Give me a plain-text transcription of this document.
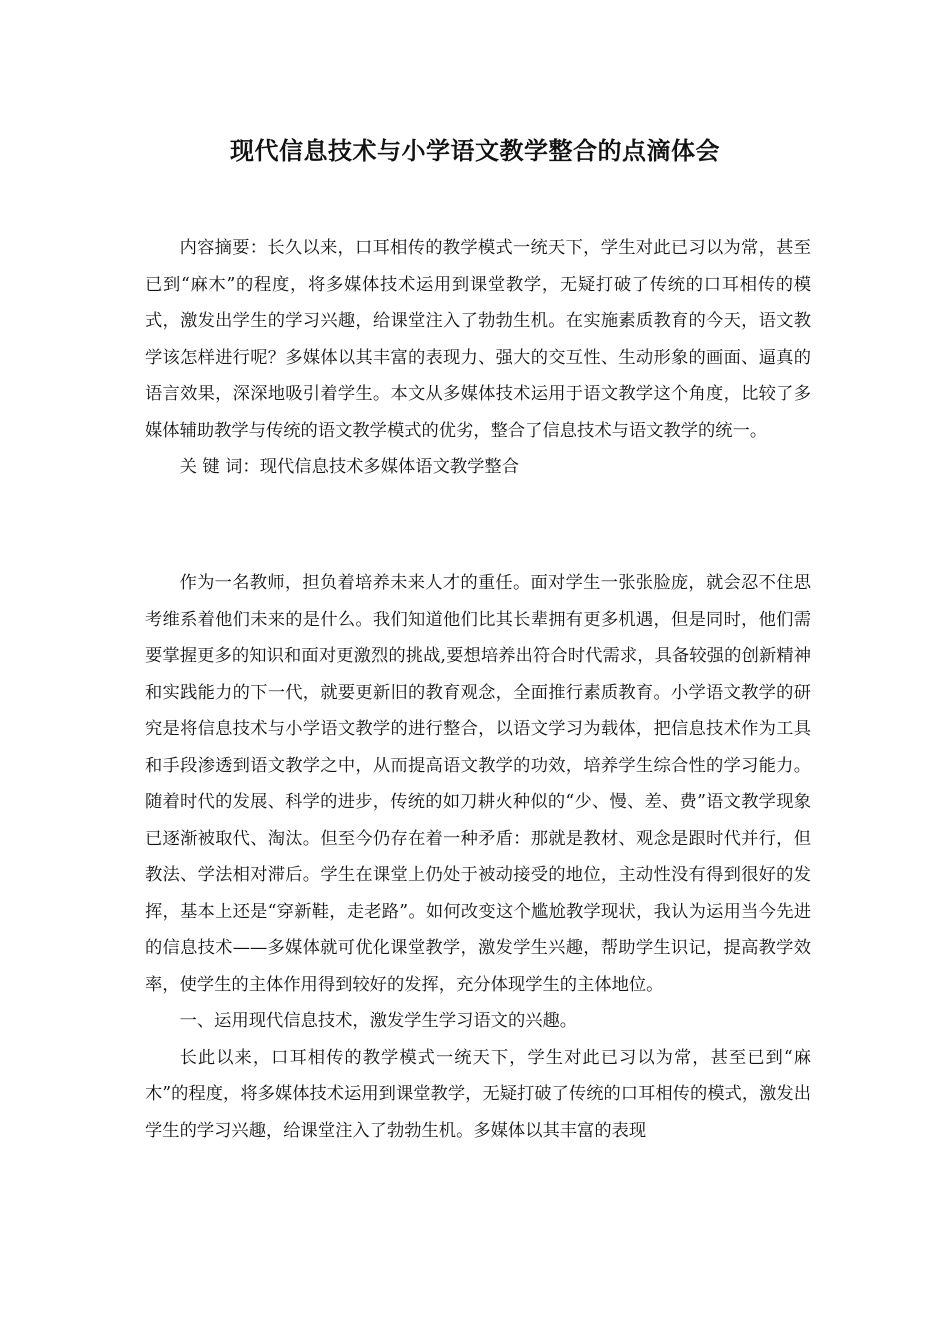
现代信息技术与小学语文教学整合的点滴体会

内容摘要：长久以来，口耳相传的教学模式一统天下，学生对此已习以为常，甚至已到“麻木”的程度，将多媒体技术运用到课堂教学，无疑打破了传统的口耳相传的模式，激发出学生的学习兴趣，给课堂注入了勃勃生机。在实施素质教育的今天，语文教学该怎样进行呢？多媒体以其丰富的表现力、强大的交互性、生动形象的画面、逼真的语言效果，深深地吸引着学生。本文从多媒体技术运用于语文教学这个角度，比较了多媒体辅助教学与传统的语文教学模式的优劣，整合了信息技术与语文教学的统一。

关 键 词：现代信息技术多媒体语文教学整合

作为一名教师，担负着培养未来人才的重任。面对学生一张张脸庞，就会忍不住思考维系着他们未来的是什么。我们知道他们比其长辈拥有更多机遇，但是同时，他们需要掌握更多的知识和面对更激烈的挑战,要想培养出符合时代需求，具备较强的创新精神和实践能力的下一代，就要更新旧的教育观念，全面推行素质教育。小学语文教学的研究是将信息技术与小学语文教学的进行整合，以语文学习为载体，把信息技术作为工具和手段渗透到语文教学之中，从而提高语文教学的功效，培养学生综合性的学习能力。随着时代的发展、科学的进步，传统的如刀耕火种似的“少、慢、差、费”语文教学现象已逐渐被取代、淘汰。但至今仍存在着一种矛盾：那就是教材、观念是跟时代并行，但教法、学法相对滞后。学生在课堂上仍处于被动接受的地位，主动性没有得到很好的发挥，基本上还是“穿新鞋，走老路”。如何改变这个尴尬教学现状，我认为运用当今先进的信息技术——多媒体就可优化课堂教学，激发学生兴趣，帮助学生识记，提高教学效率，使学生的主体作用得到较好的发挥，充分体现学生的主体地位。

一、运用现代信息技术，激发学生学习语文的兴趣。

长此以来，口耳相传的教学模式一统天下，学生对此已习以为常，甚至已到“麻木”的程度，将多媒体技术运用到课堂教学，无疑打破了传统的口耳相传的模式，激发出学生的学习兴趣，给课堂注入了勃勃生机。多媒体以其丰富的表现
